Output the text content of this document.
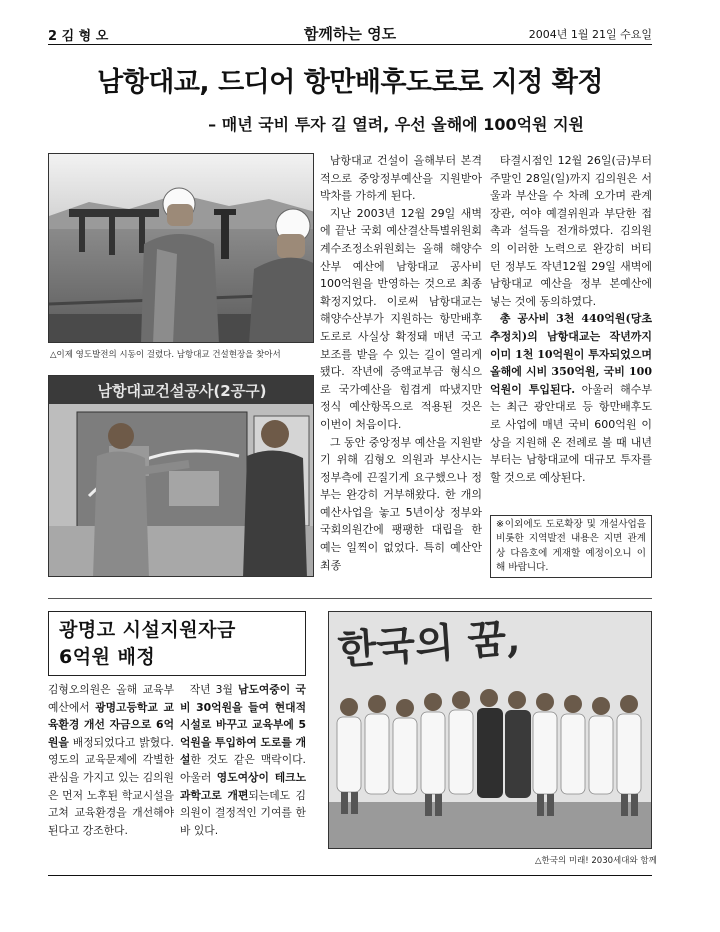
2 김 형 오	함께하는 영도	2004년 1월 21일 수요일
남항대교, 드디어 항만배후도로로 지정 확정
– 매년 국비 투자 길 열려, 우선 올해에 100억원 지원
△이제 영도발전의 시동이 걸렸다. 남항대교 건설현장을 찾아서
남항대교건설공사(2공구)

남항대교 건설이 올해부터 본격적으로 중앙정부예산을 지원받아 박차를 가하게 된다.

지난 2003년 12월 29일 새벽에 끝난 국회 예산결산특별위원회 계수조정소위원회는 올해 해양수산부 예산에 남항대교 공사비 100억원을 반영하는 것으로 최종 확정지었다. 이로써 남항대교는 해양수산부가 지원하는 항만배후도로로 사실상 확정돼 매년 국고보조를 받을 수 있는 길이 열리게 됐다. 작년에 증액교부금 형식으로 국가예산을 힘겹게 따냈지만 정식 예산항목으로 적용된 것은 이번이 처음이다.

그 동안 중앙정부 예산을 지원받기 위해 김형오 의원과 부산시는 정부측에 끈질기게 요구했으나 정부는 완강히 거부해왔다. 한 개의 예산사업을 놓고 5년이상 정부와 국회의원간에 팽팽한 대립을 한 예는 일찍이 없었다. 특히 예산안 최종

타결시점인 12월 26일(금)부터 주말인 28일(일)까지 김의원은 서울과 부산을 수 차례 오가며 관계 장관, 여야 예결위원과 부단한 접촉과 설득을 전개하였다. 김의원의 이러한 노력으로 완강히 버티던 정부도 작년12월 29일 새벽에 남항대교 예산을 정부 본예산에 넣는 것에 동의하였다.

총 공사비 3천 440억원(당초 추정치)의 남항대교는 작년까지 이미 1천 10억원이 투자되었으며 올해에 시비 350억원, 국비 100억원이 투입된다. 아울러 해수부는 최근 광안대로 등 항만배후도로 사업에 매년 국비 600억원 이상을 지원해 온 전례로 볼 때 내년부터는 남항대교에 대규모 투자를 할 것으로 예상된다.

※이외에도 도로확장 및 개설사업을 비롯한 지역발전 내용은 지면 관계상 다음호에 게재할 예정이오니 이해 바랍니다.
광명고 시설지원자금
6억원 배정

김형오의원은 올해 교육부 예산에서 광명고등학교 교육환경 개선 자금으로 6억원을 배정되었다고 밝혔다. 영도의 교육문제에 각별한 관심을 가지고 있는 김의원은 먼저 노후된 학교시설을 고쳐 교육환경을 개선해야 된다고 강조한다.

작년 3월 남도여중이 국비 30억원을 들여 현대적 시설로 바꾸고 교육부에 5억원을 투입하여 도로를 개설한 것도 같은 맥락이다. 아울러 영도여상이 테크노과학고로 개편되는데도 김의원이 결정적인 기여를 한 바 있다.

한국의 꿈,
△한국의 미래! 2030세대와 함께
